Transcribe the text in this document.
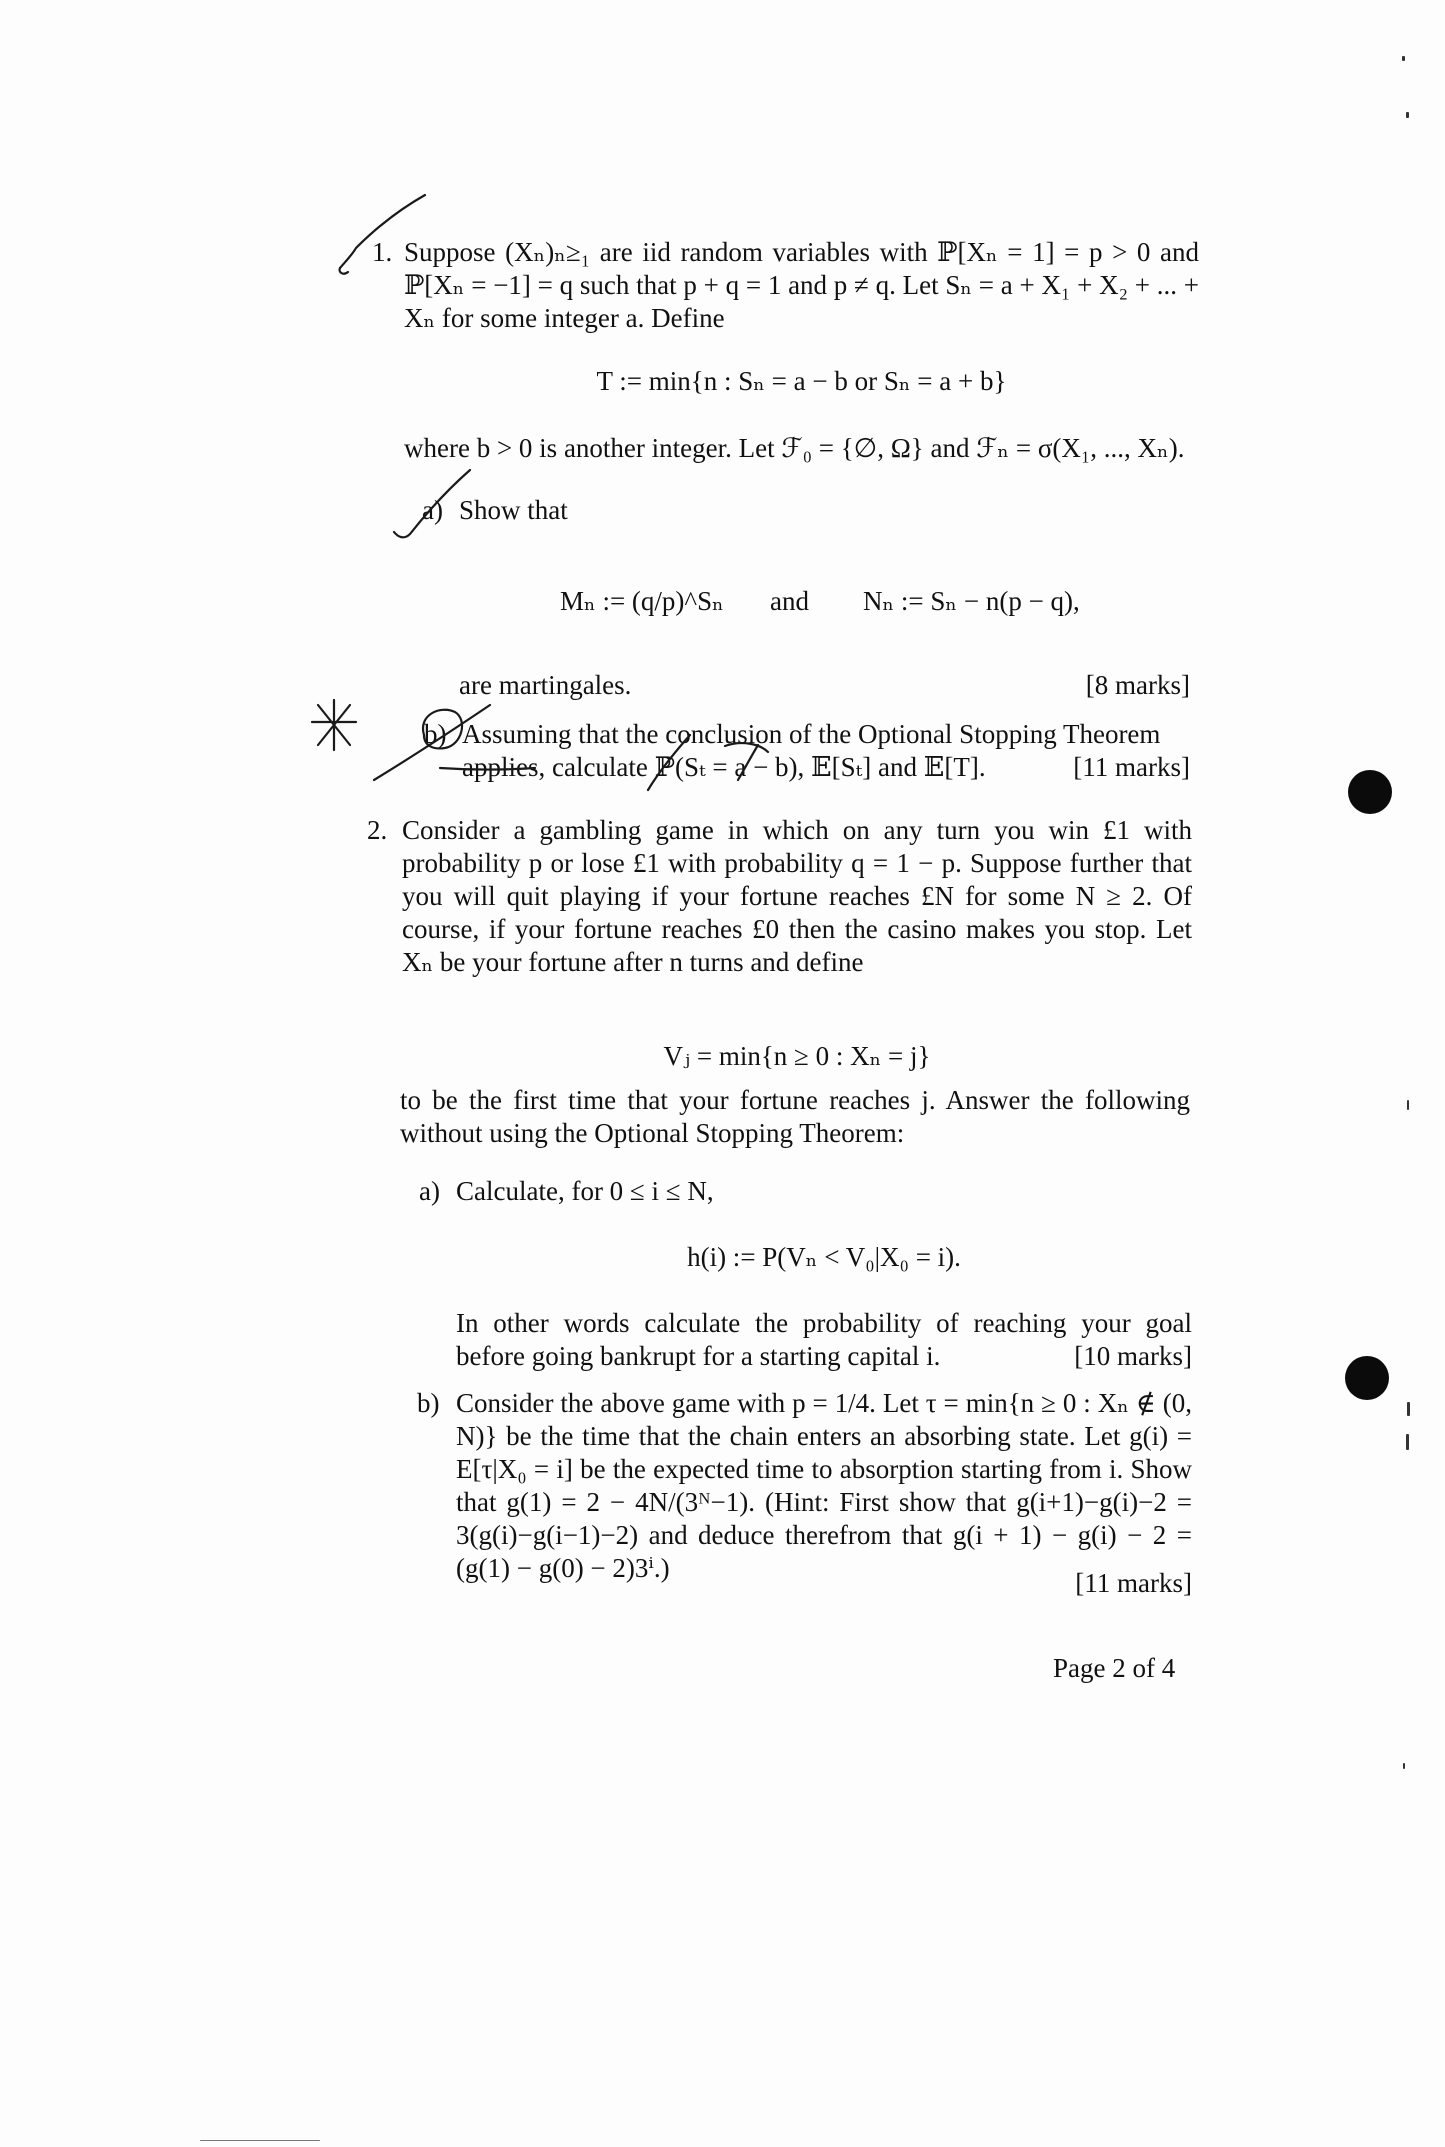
1. Suppose (Xₙ)ₙ≥₁ are iid random variables with ℙ[Xₙ = 1] = p > 0 and ℙ[Xₙ = −1] = q such that p + q = 1 and p ≠ q. Let Sₙ = a + X₁ + X₂ + ... + Xₙ for some integer a. Define
T := min{n : Sₙ = a − b or Sₙ = a + b}
where b > 0 is another integer. Let ℱ₀ = {∅, Ω} and ℱₙ = σ(X₁, ..., Xₙ).
a) Show that
Mₙ := (q/p)^Sₙ and Nₙ := Sₙ − n(p − q),
are martingales.	[8 marks]
b) Assuming that the conclusion of the Optional Stopping Theorem
applies, calculate ℙ(Sₜ = a − b), 𝔼[Sₜ] and 𝔼[T].	[11 marks]
2. Consider a gambling game in which on any turn you win £1 with probability p or lose £1 with probability q = 1 − p. Suppose further that you will quit playing if your fortune reaches £N for some N ≥ 2. Of course, if your fortune reaches £0 then the casino makes you stop. Let Xₙ be your fortune after n turns and define
Vⱼ = min{n ≥ 0 : Xₙ = j}
to be the first time that your fortune reaches j. Answer the following without using the Optional Stopping Theorem:
a) Calculate, for 0 ≤ i ≤ N,
h(i) := P(Vₙ < V₀|X₀ = i).
In other words calculate the probability of reaching your goal before going bankrupt for a starting capital i.	[10 marks]
b) Consider the above game with p = 1/4. Let τ = min{n ≥ 0 : Xₙ ∉ (0, N)} be the time that the chain enters an absorbing state. Let g(i) = E[τ|X₀ = i] be the expected time to absorption starting from i. Show that g(1) = 2 − 4N/(3ᴺ−1). (Hint: First show that g(i+1)−g(i)−2 = 3(g(i)−g(i−1)−2) and deduce therefrom that g(i + 1) − g(i) − 2 = (g(1) − g(0) − 2)3ⁱ.)	[11 marks]
Page 2 of 4
